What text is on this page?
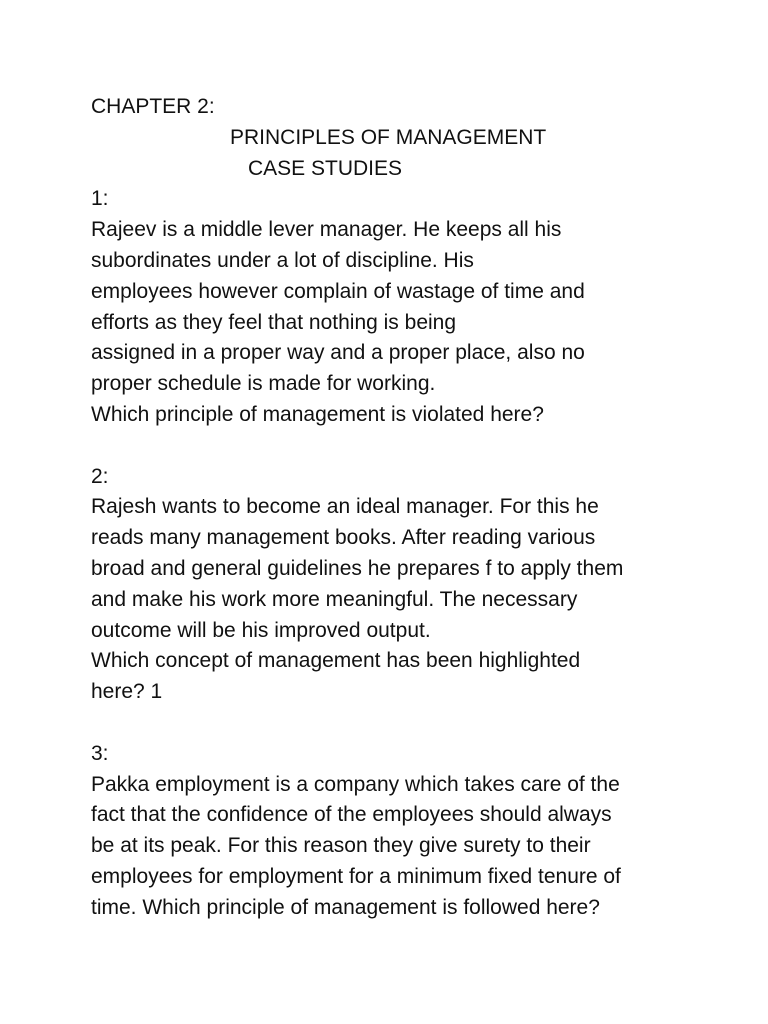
CHAPTER 2:
PRINCIPLES OF MANAGEMENT
CASE STUDIES
1:
Rajeev is a middle lever manager. He keeps all his
subordinates under a lot of discipline. His
employees however complain of wastage of time and
efforts as they feel that nothing is being
assigned in a proper way and a proper place, also no
proper schedule is made for working.
Which principle of management is violated here?
2:
Rajesh wants to become an ideal manager. For this he
reads many management books. After reading various
broad and general guidelines he prepares f to apply them
and make his work more meaningful. The necessary
outcome will be his improved output.
Which concept of management has been highlighted
here? 1
3:
Pakka employment is a company which takes care of the
fact that the confidence of the employees should always
be at its peak. For this reason they give surety to their
employees for employment for a minimum fixed tenure of
time. Which principle of management is followed here?
